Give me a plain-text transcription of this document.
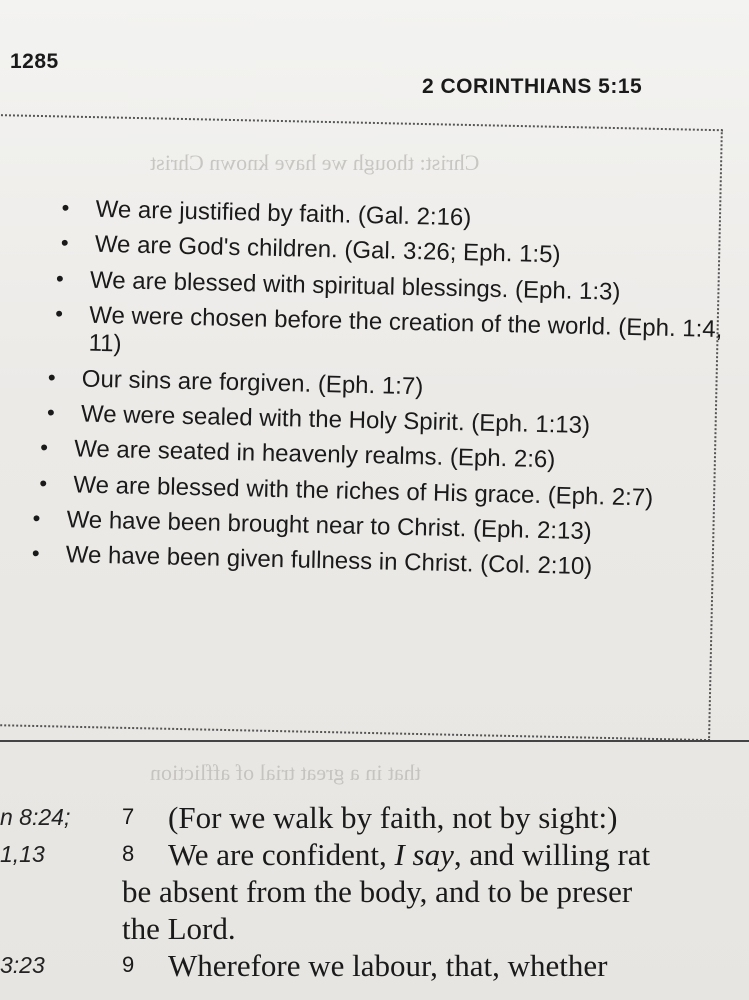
1285
2 CORINTHIANS 5:15
Christ: though we have known Christ
that in a great trial of affliction
• We are justified by faith. (Gal. 2:16)
• We are God's children. (Gal. 3:26; Eph. 1:5)
• We are blessed with spiritual blessings. (Eph. 1:3)
• We were chosen before the creation of the world. (Eph. 1:4, 11)
• Our sins are forgiven. (Eph. 1:7)
• We were sealed with the Holy Spirit. (Eph. 1:13)
• We are seated in heavenly realms. (Eph. 2:6)
• We are blessed with the riches of His grace. (Eph. 2:7)
• We have been brought near to Christ. (Eph. 2:13)
• We have been given fullness in Christ. (Col. 2:10)
n 8:24; 7 (For we walk by faith, not by sight:)
1,13	8 We are confident, I say, and willing rat
be absent from the body, and to be preser
the Lord.
3:23	9 Wherefore we labour, that, whether
